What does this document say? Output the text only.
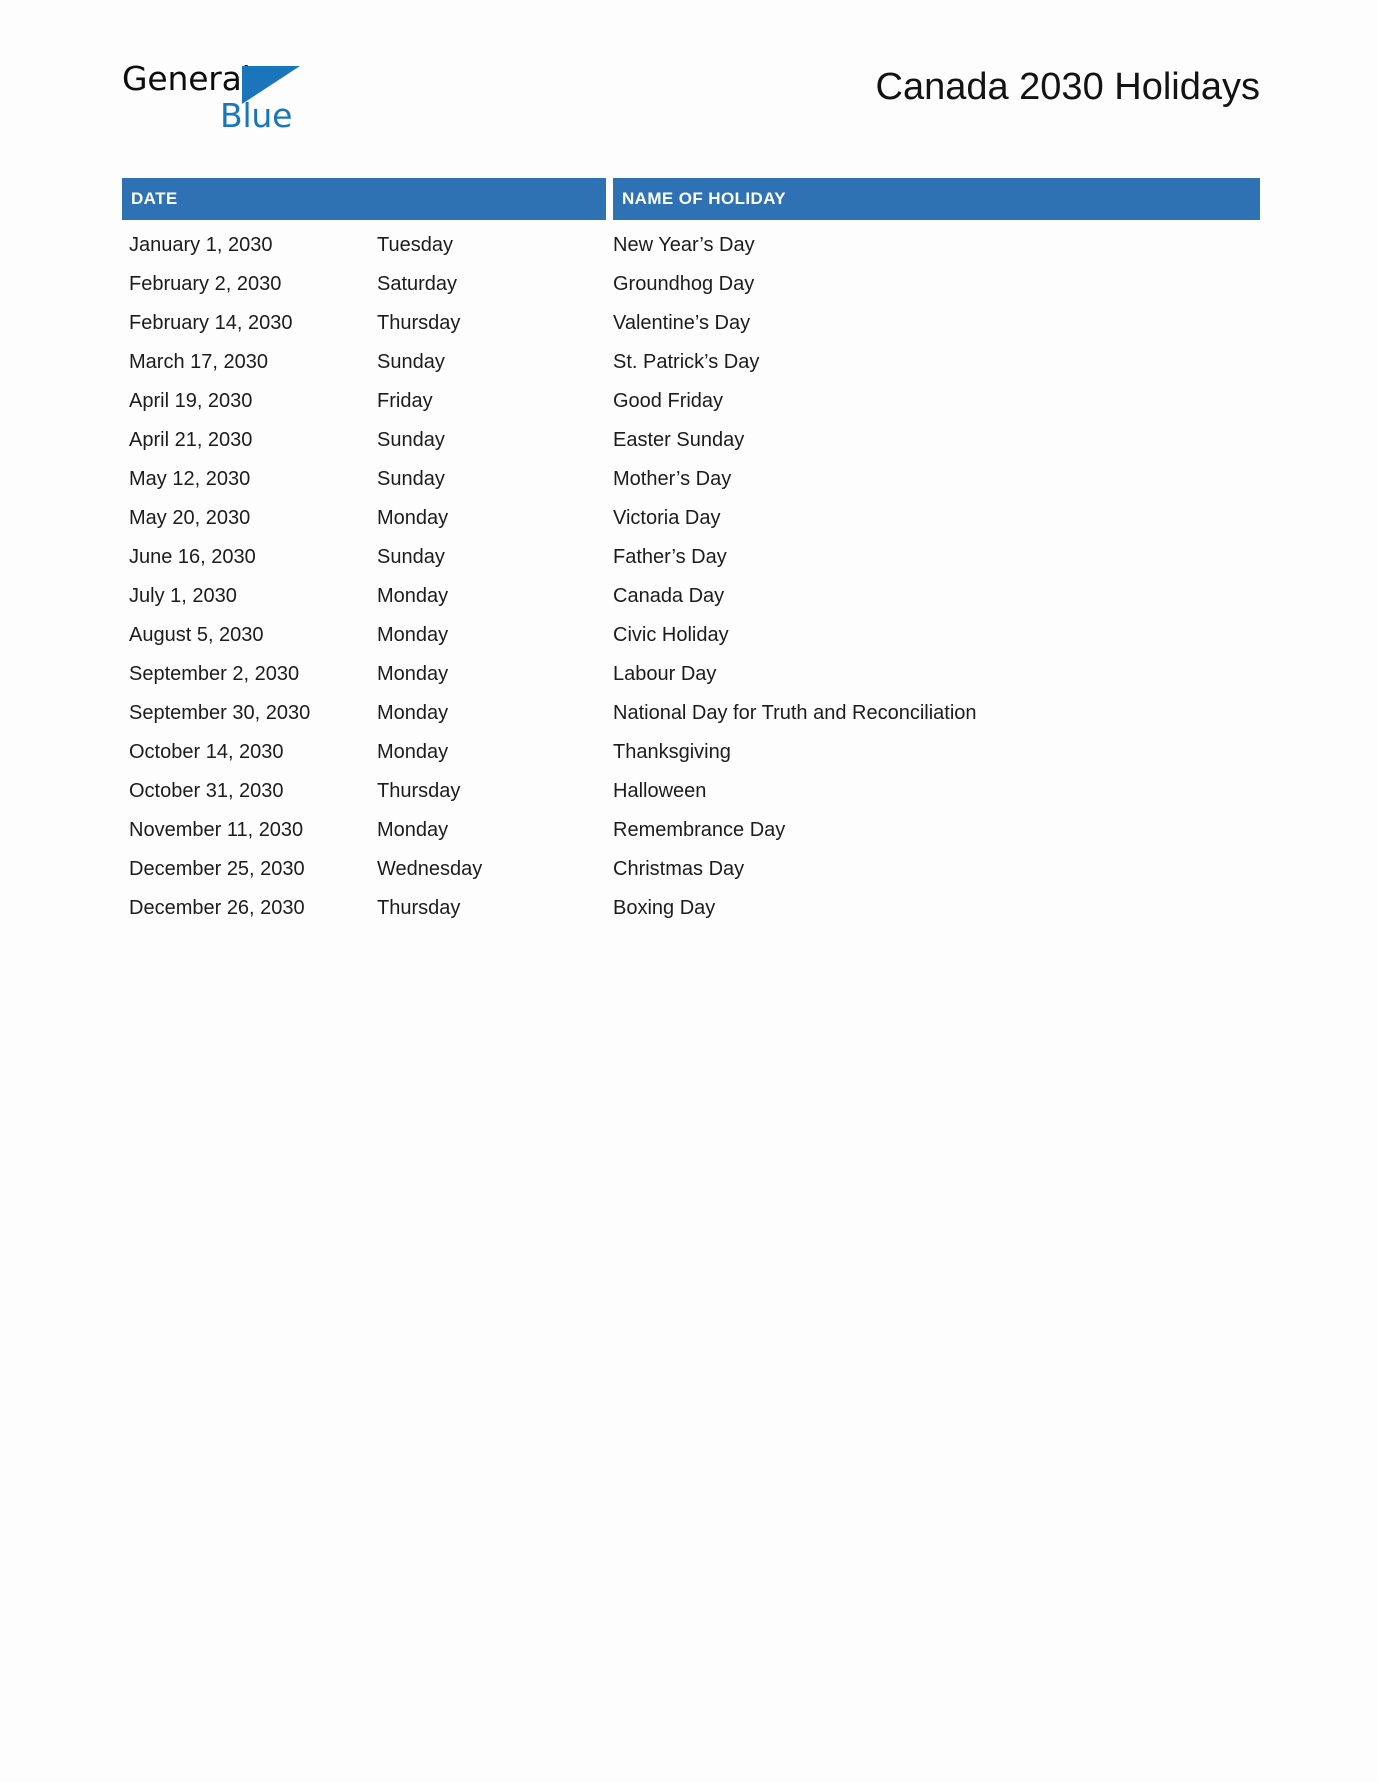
General
Blue
Canada 2030 Holidays
DATE	NAME OF HOLIDAY
January 1, 2030	Tuesday	New Year’s Day
February 2, 2030	Saturday	Groundhog Day
February 14, 2030	Thursday	Valentine’s Day
March 17, 2030	Sunday	St. Patrick’s Day
April 19, 2030	Friday	Good Friday
April 21, 2030	Sunday	Easter Sunday
May 12, 2030	Sunday	Mother’s Day
May 20, 2030	Monday	Victoria Day
June 16, 2030	Sunday	Father’s Day
July 1, 2030	Monday	Canada Day
August 5, 2030	Monday	Civic Holiday
September 2, 2030	Monday	Labour Day
September 30, 2030	Monday	National Day for Truth and Reconciliation
October 14, 2030	Monday	Thanksgiving
October 31, 2030	Thursday	Halloween
November 11, 2030	Monday	Remembrance Day
December 25, 2030	Wednesday	Christmas Day
December 26, 2030	Thursday	Boxing Day
